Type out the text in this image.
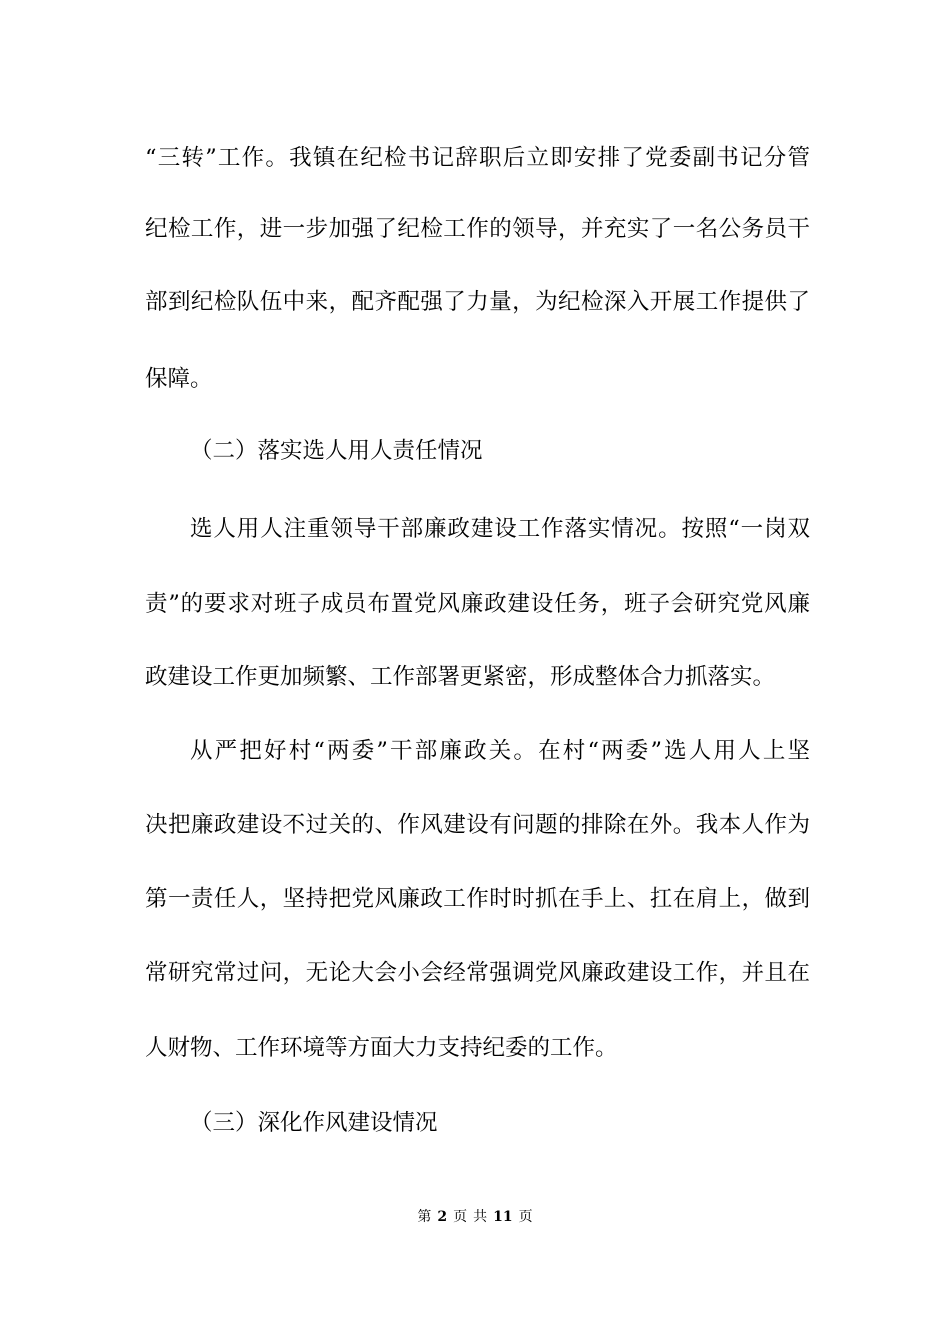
“三转”工作。我镇在纪检书记辞职后立即安排了党委副书记分管
纪检工作，进一步加强了纪检工作的领导，并充实了一名公务员干
部到纪检队伍中来，配齐配强了力量，为纪检深入开展工作提供了
保障。
（二）落实选人用人责任情况
选人用人注重领导干部廉政建设工作落实情况。按照“一岗双
责”的要求对班子成员布置党风廉政建设任务，班子会研究党风廉
政建设工作更加频繁、工作部署更紧密，形成整体合力抓落实。
从严把好村“两委”干部廉政关。在村“两委”选人用人上坚
决把廉政建设不过关的、作风建设有问题的排除在外。我本人作为
第一责任人，坚持把党风廉政工作时时抓在手上、扛在肩上，做到
常研究常过问，无论大会小会经常强调党风廉政建设工作，并且在
人财物、工作环境等方面大力支持纪委的工作。
（三）深化作风建设情况
第 2 页 共 11 页
